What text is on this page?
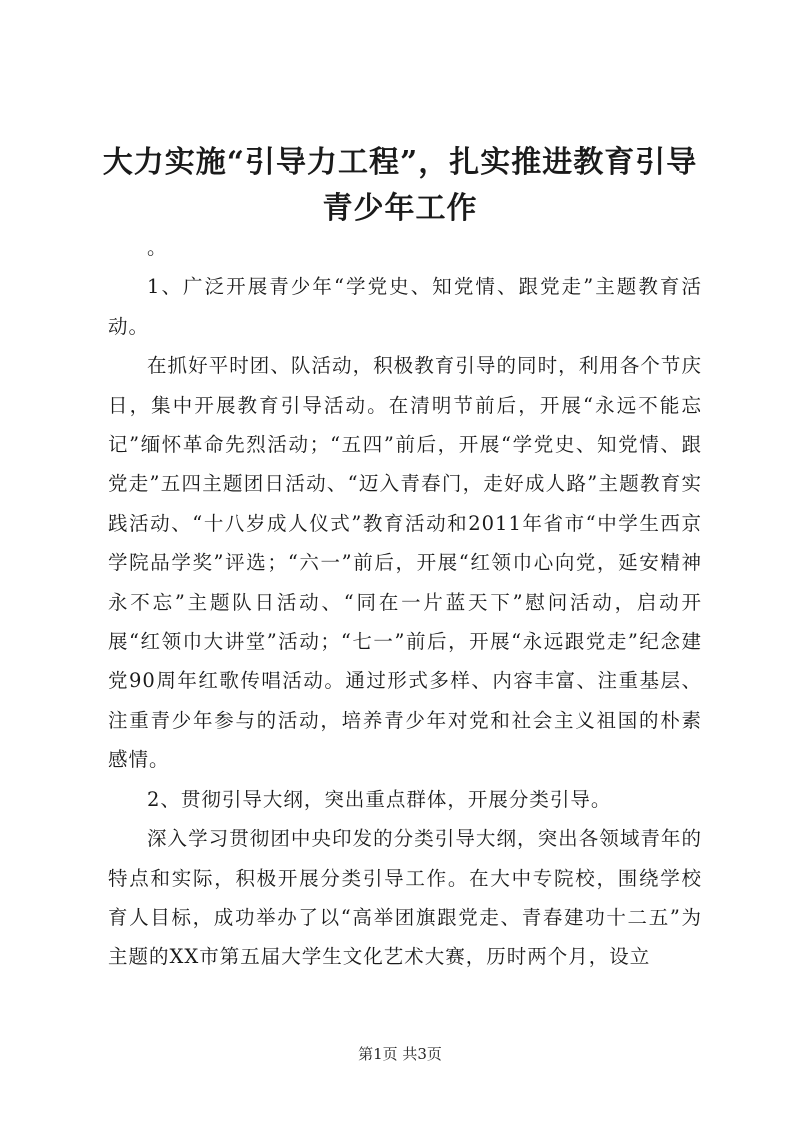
大力实施“引导力工程”，扎实推进教育引导
青少年工作

。

1、广泛开展青少年“学党史、知党情、跟党走”主题教育活动。

在抓好平时团、队活动，积极教育引导的同时，利用各个节庆日，集中开展教育引导活动。在清明节前后，开展“永远不能忘记”缅怀革命先烈活动；“五四”前后，开展“学党史、知党情、跟党走”五四主题团日活动、“迈入青春门，走好成人路”主题教育实践活动、“十八岁成人仪式”教育活动和2011年省市“中学生西京学院品学奖”评选；“六一”前后，开展“红领巾心向党，延安精神永不忘”主题队日活动、“同在一片蓝天下”慰问活动，启动开展“红领巾大讲堂”活动；“七一”前后，开展“永远跟党走”纪念建党90周年红歌传唱活动。通过形式多样、内容丰富、注重基层、注重青少年参与的活动，培养青少年对党和社会主义祖国的朴素感情。

2、贯彻引导大纲，突出重点群体，开展分类引导。

深入学习贯彻团中央印发的分类引导大纲，突出各领域青年的特点和实际，积极开展分类引导工作。在大中专院校，围绕学校育人目标，成功举办了以“高举团旗跟党走、青春建功十二五”为主题的XX市第五届大学生文化艺术大赛，历时两个月，设立

第1页 共3页
